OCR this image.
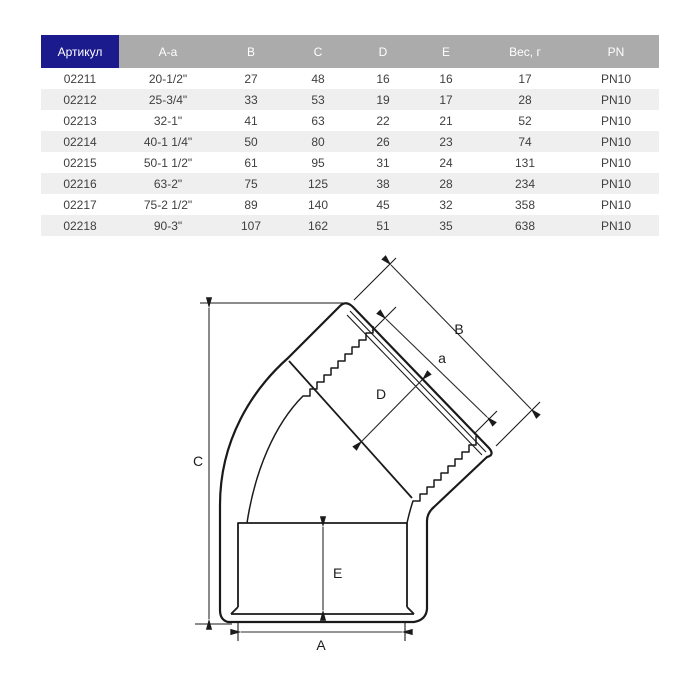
Артикул	A-a	B	C	D	E	Вес, г	PN
02211	20-1/2"	27	48	16	16	17	PN10
02212	25-3/4"	33	53	19	17	28	PN10
02213	32-1"	41	63	22	21	52	PN10
02214	40-1 1/4"	50	80	26	23	74	PN10
02215	50-1 1/2"	61	95	31	24	131	PN10
02216	63-2"	75	125	38	28	234	PN10
02217	75-2 1/2"	89	140	45	32	358	PN10
02218	90-3"	107	162	51	35	638	PN10
C
A
E
B
a
D
